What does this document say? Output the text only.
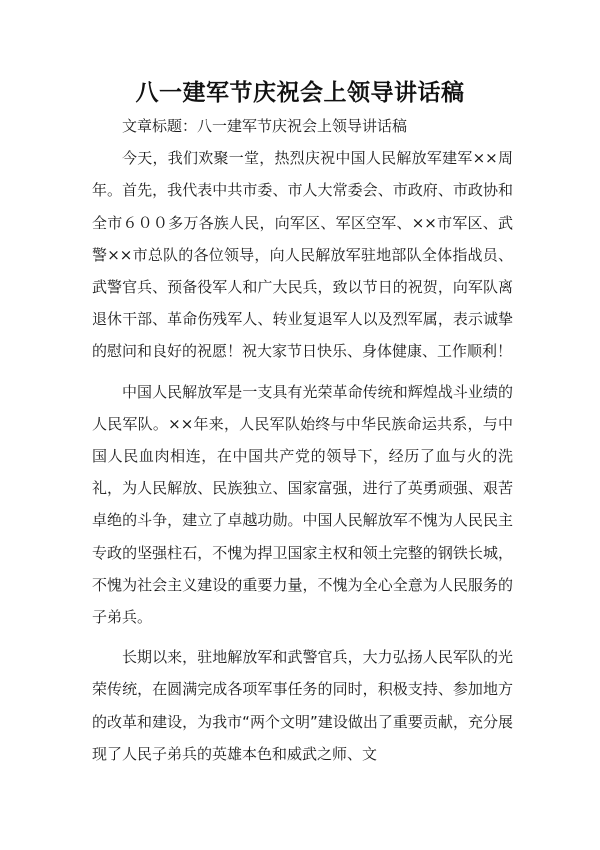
八一建军节庆祝会上领导讲话稿

文章标题：八一建军节庆祝会上领导讲话稿

今天，我们欢聚一堂，热烈庆祝中国人民解放军建军××周年。首先，我代表中共市委、市人大常委会、市政府、市政协和全市６００多万各族人民，向军区、军区空军、××市军区、武警××市总队的各位领导，向人民解放军驻地部队全体指战员、武警官兵、预备役军人和广大民兵，致以节日的祝贺，向军队离退休干部、革命伤残军人、转业复退军人以及烈军属，表示诚挚的慰问和良好的祝愿！祝大家节日快乐、身体健康、工作顺利！

中国人民解放军是一支具有光荣革命传统和辉煌战斗业绩的人民军队。××年来，人民军队始终与中华民族命运共系，与中国人民血肉相连，在中国共产党的领导下，经历了血与火的洗礼，为人民解放、民族独立、国家富强，进行了英勇顽强、艰苦卓绝的斗争，建立了卓越功勋。中国人民解放军不愧为人民民主专政的坚强柱石，不愧为捍卫国家主权和领土完整的钢铁长城，不愧为社会主义建设的重要力量，不愧为全心全意为人民服务的子弟兵。

长期以来，驻地解放军和武警官兵，大力弘扬人民军队的光荣传统，在圆满完成各项军事任务的同时，积极支持、参加地方的改革和建设，为我市“两个文明”建设做出了重要贡献，充分展现了人民子弟兵的英雄本色和威武之师、文
